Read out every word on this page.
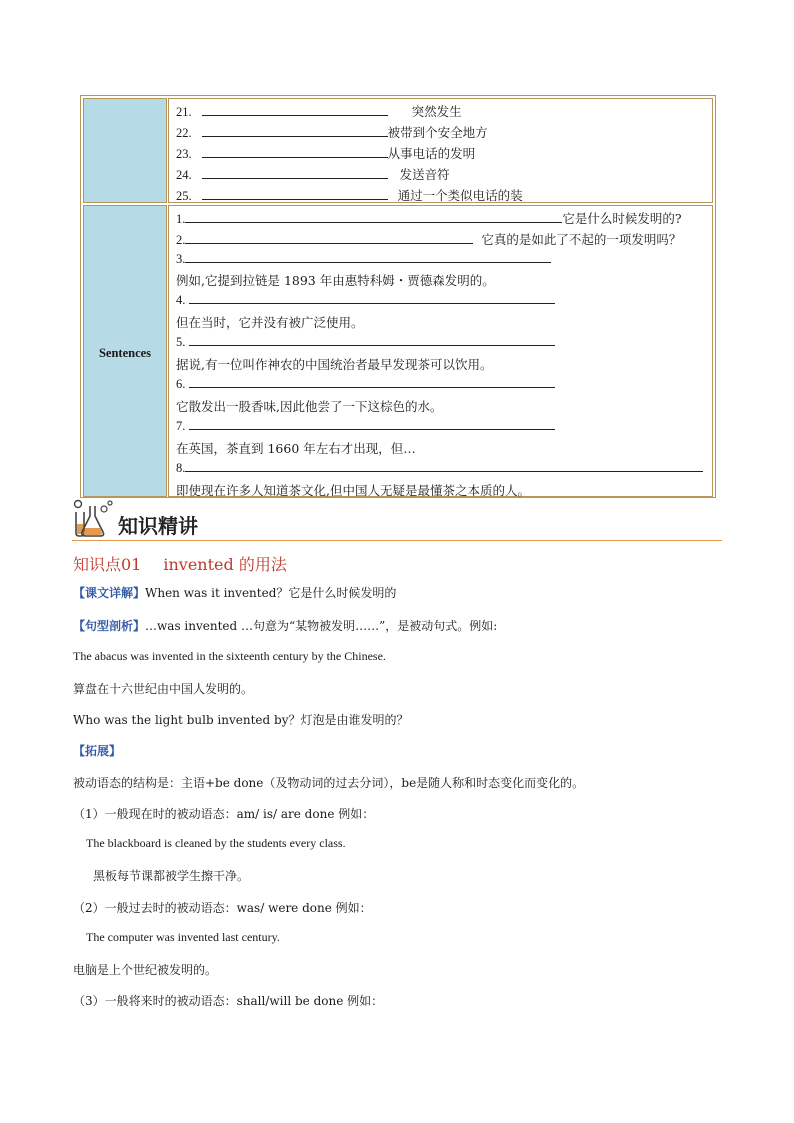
21.	突然发生
22.	被带到个安全地方
23.	从事电话的发明
24.	发送音符
25.	通过一个类似电话的装
Sentences
1.	它是什么时候发明的?
2.	它真的是如此了不起的一项发明吗？
3.
例如,它提到拉链是 1893 年由惠特科姆・贾德森发明的。
4.
但在当时，它并没有被广泛使用。
5.
据说,有一位叫作神农的中国统治者最早发现茶可以饮用。
6.
它散发出一股香味,因此他尝了一下这棕色的水。
7.
在英国，茶直到 1660 年左右才出现，但…
8.
即使现在许多人知道茶文化,但中国人无疑是最懂茶之本质的人。
知识精讲
知识点01 invented 的用法
【课文详解】When was it invented？它是什么时候发明的
【句型剖析】…was invented …句意为“某物被发明……”，是被动句式。例如:
The abacus was invented in the sixteenth century by the Chinese.
算盘在十六世纪由中国人发明的。
Who was the light bulb invented by？灯泡是由谁发明的？
【拓展】
被动语态的结构是：主语+be done（及物动词的过去分词），be是随人称和时态变化而变化的。
（1）一般现在时的被动语态：am/ is/ are done 例如：
The blackboard is cleaned by the students every class.
黑板每节课都被学生擦干净。
（2）一般过去时的被动语态：was/ were done 例如：
The computer was invented last century.
电脑是上个世纪被发明的。
（3）一般将来时的被动语态：shall/will be done 例如：
